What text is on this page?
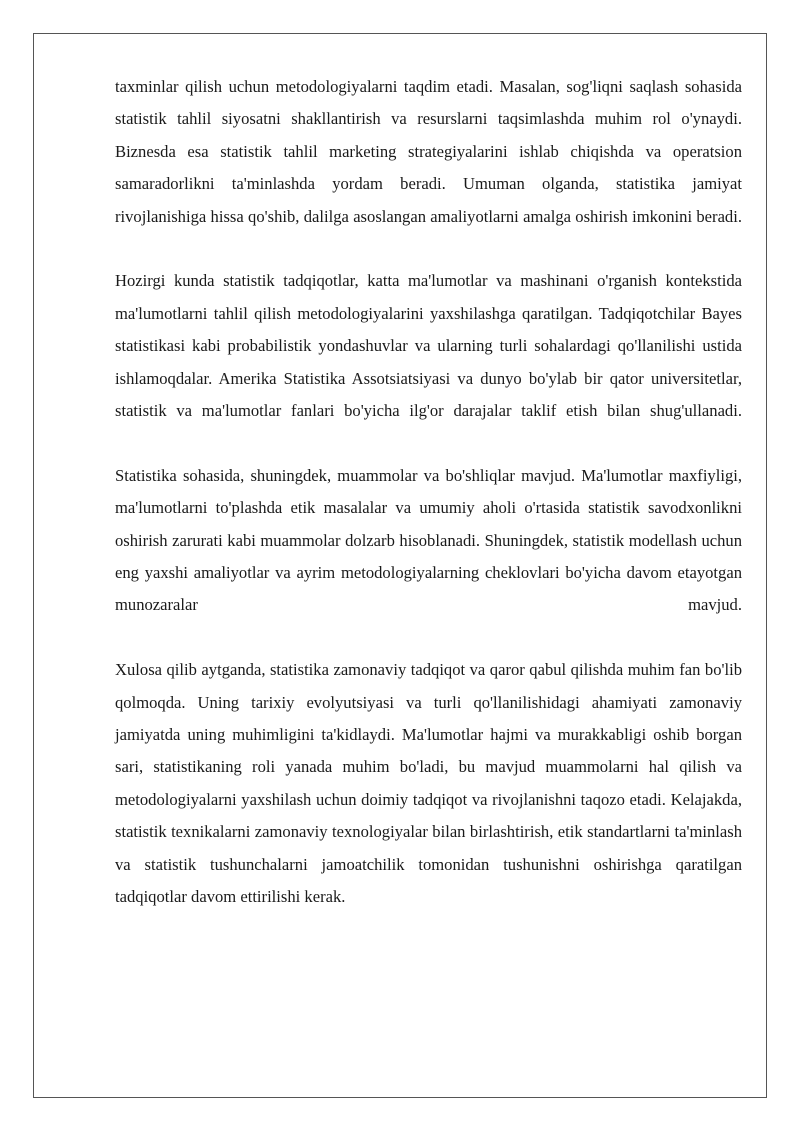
taxminlar qilish uchun metodologiyalarni taqdim etadi. Masalan, sog'liqni saqlash sohasida statistik tahlil siyosatni shakllantirish va resurslarni taqsimlashda muhim rol o'ynaydi. Biznesda esa statistik tahlil marketing strategiyalarini ishlab chiqishda va operatsion samaradorlikni ta'minlashda yordam beradi. Umuman olganda, statistika jamiyat rivojlanishiga hissa qo'shib, dalilga asoslangan amaliyotlarni amalga oshirish imkonini beradi.

Hozirgi kunda statistik tadqiqotlar, katta ma'lumotlar va mashinani o'rganish kontekstida ma'lumotlarni tahlil qilish metodologiyalarini yaxshilashga qaratilgan. Tadqiqotchilar Bayes statistikasi kabi probabilistik yondashuvlar va ularning turli sohalardagi qo'llanilishi ustida ishlamoqdalar. Amerika Statistika Assotsiatsiyasi va dunyo bo'ylab bir qator universitetlar, statistik va ma'lumotlar fanlari bo'yicha ilg'or darajalar taklif etish bilan shug'ullanadi.

Statistika sohasida, shuningdek, muammolar va bo'shliqlar mavjud. Ma'lumotlar maxfiyligi, ma'lumotlarni to'plashda etik masalalar va umumiy aholi o'rtasida statistik savodxonlikni oshirish zarurati kabi muammolar dolzarb hisoblanadi. Shuningdek, statistik modellash uchun eng yaxshi amaliyotlar va ayrim metodologiyalarning cheklovlari bo'yicha davom etayotgan munozaralar mavjud.

Xulosa qilib aytganda, statistika zamonaviy tadqiqot va qaror qabul qilishda muhim fan bo'lib qolmoqda. Uning tarixiy evolyutsiyasi va turli qo'llanilishidagi ahamiyati zamonaviy jamiyatda uning muhimligini ta'kidlaydi. Ma'lumotlar hajmi va murakkabligi oshib borgan sari, statistikaning roli yanada muhim bo'ladi, bu mavjud muammolarni hal qilish va metodologiyalarni yaxshilash uchun doimiy tadqiqot va rivojlanishni taqozo etadi. Kelajakda, statistik texnikalarni zamonaviy texnologiyalar bilan birlashtirish, etik standartlarni ta'minlash va statistik tushunchalarni jamoatchilik tomonidan tushunishni oshirishga qaratilgan tadqiqotlar davom ettirilishi kerak.
